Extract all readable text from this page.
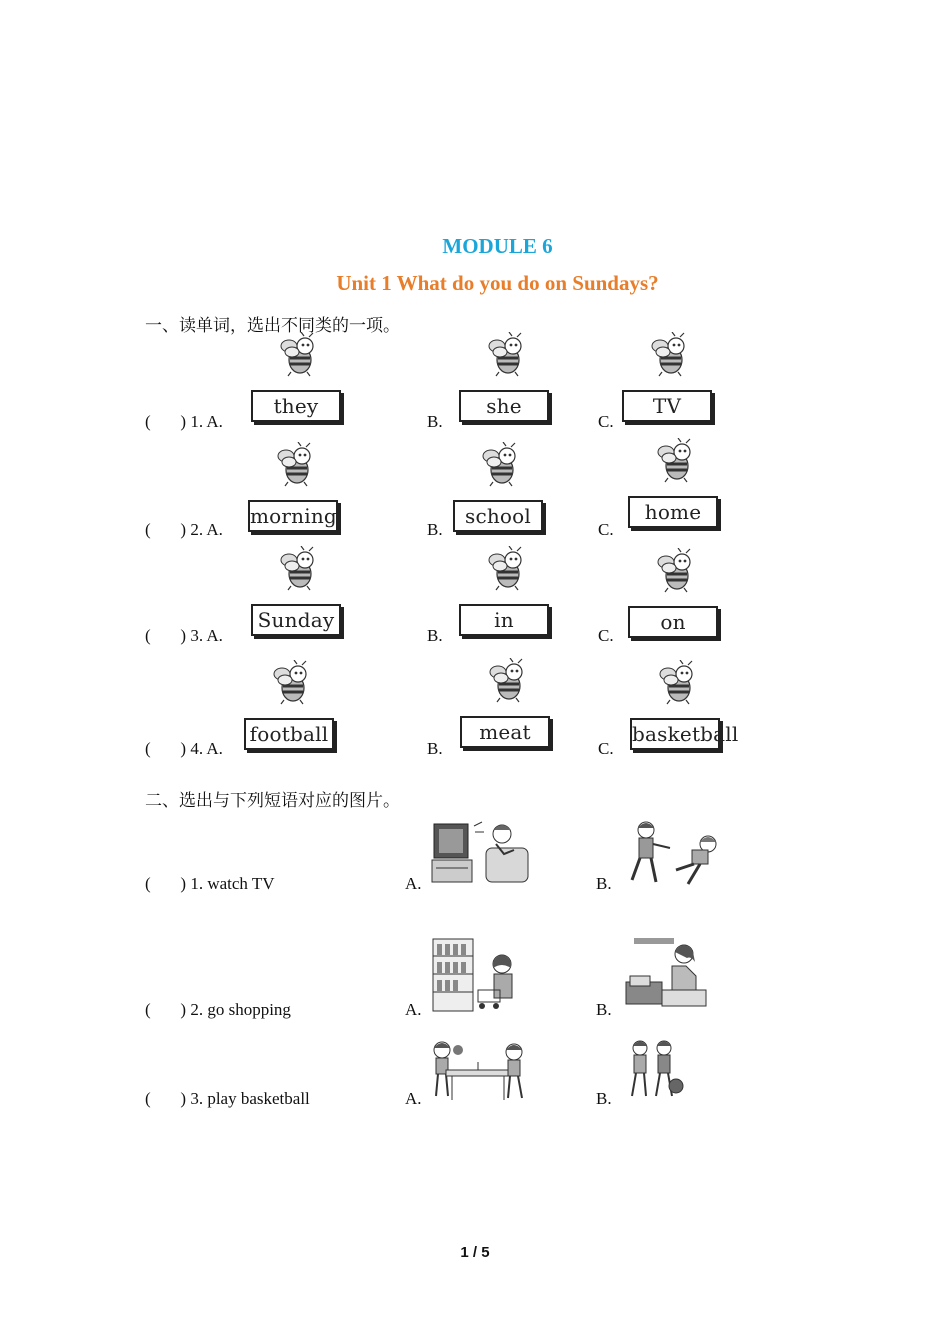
MODULE 6
Unit 1 What do you do on Sundays?
一、读单词，选出不同类的一项。
(       ) 1. A.
they
B.
she
C.
TV
(       ) 2. A.
morning
B.
school
C.
home
(       ) 3. A.
Sunday
B.
in
C.
on
(       ) 4. A.
football
B.
meat
C.
basketball
二、选出与下列短语对应的图片。
(       ) 1. watch TV	A.	B.
(       ) 2. go shopping	A.	B.
(       ) 3. play basketball	A.	B.
1 / 5
